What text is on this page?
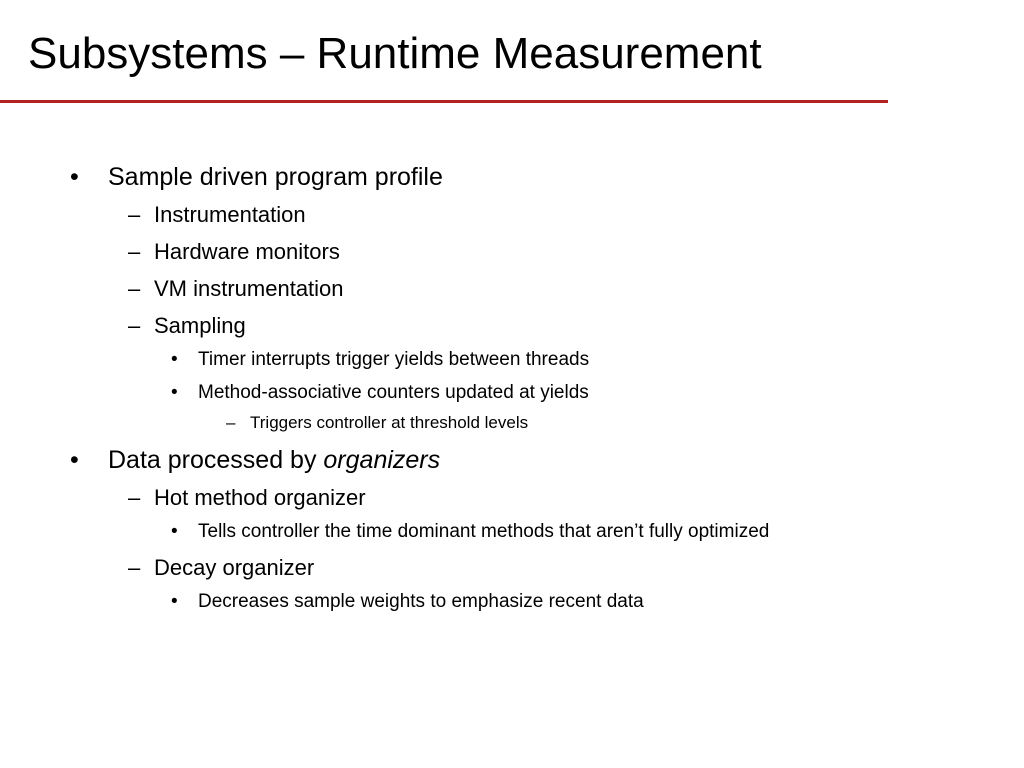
Subsystems – Runtime Measurement
• Sample driven program profile
– Instrumentation
– Hardware monitors
– VM instrumentation
– Sampling
• Timer interrupts trigger yields between threads
• Method-associative counters updated at yields
– Triggers controller at threshold levels
• Data processed by organizers
– Hot method organizer
• Tells controller the time dominant methods that aren’t fully optimized
– Decay organizer
• Decreases sample weights to emphasize recent data
